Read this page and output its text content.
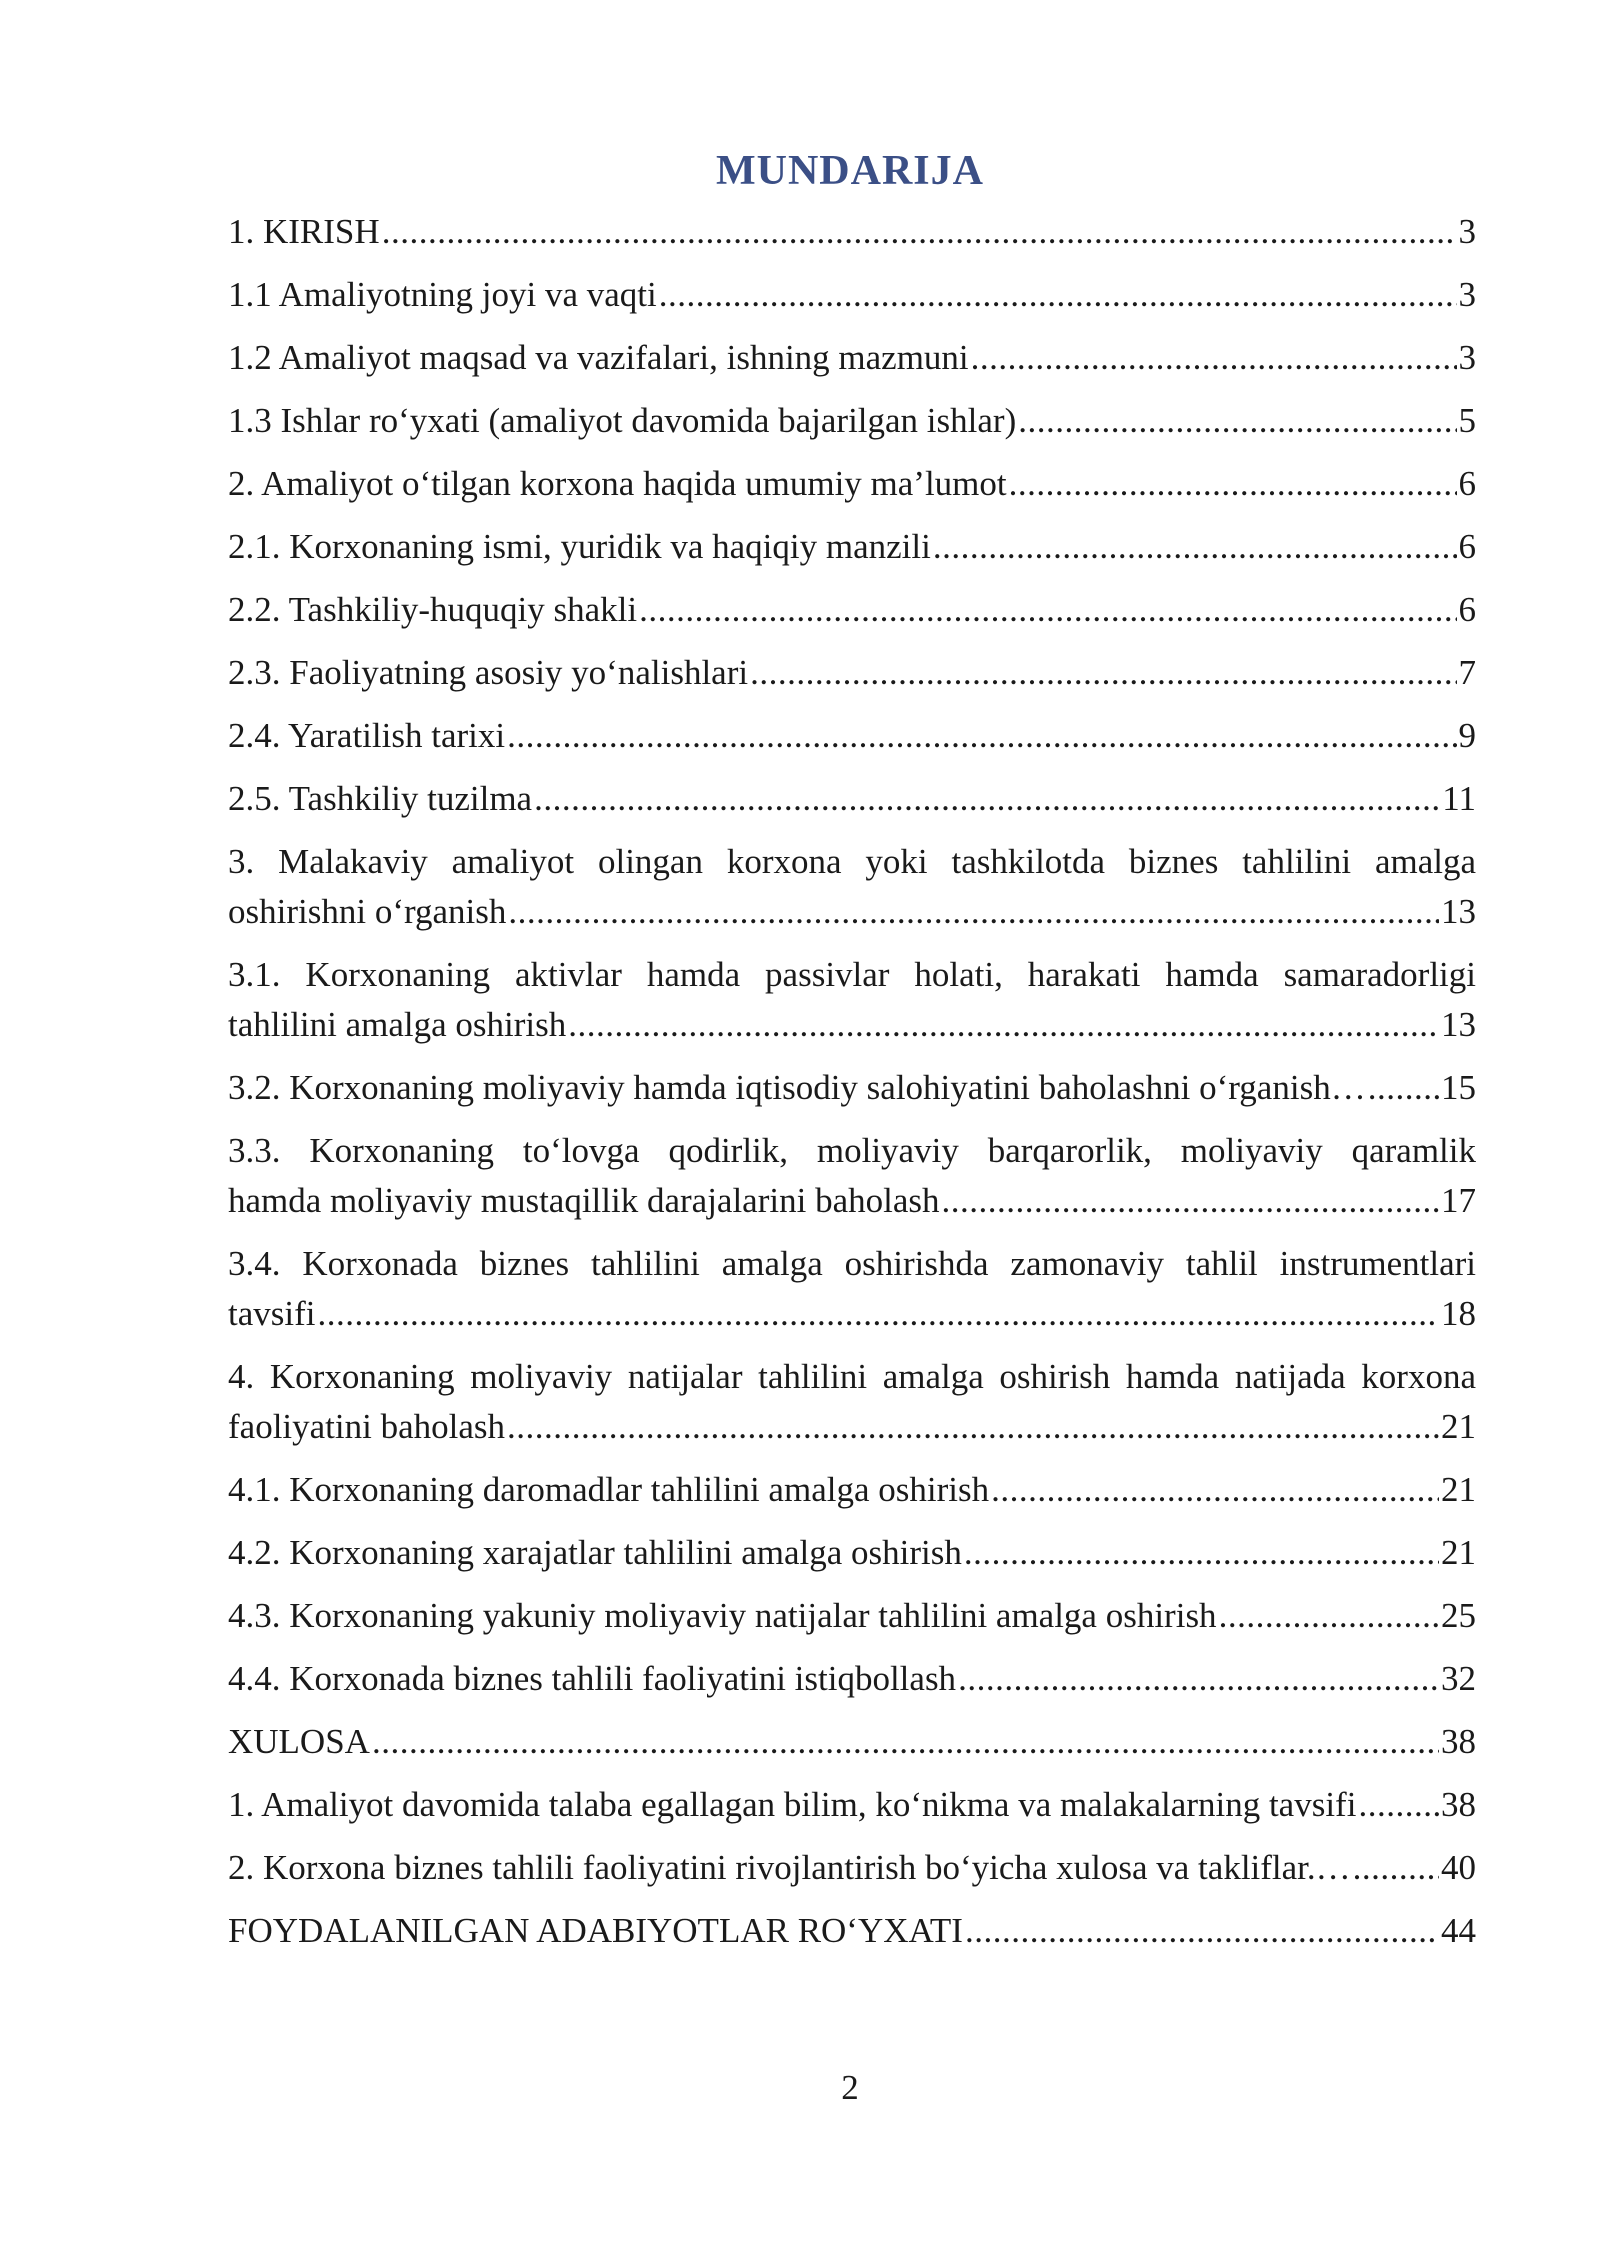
MUNDARIJA
1. KIRISH .....	3
1.1 Amaliyotning joyi va vaqti .....	3
1.2 Amaliyot maqsad va vazifalari, ishning mazmuni .....	3
1.3 Ishlar ro‘yxati (amaliyot davomida bajarilgan ishlar) .....	5
2. Amaliyot o‘tilgan korxona haqida umumiy ma’lumot .....	6
2.1. Korxonaning ismi, yuridik va haqiqiy manzili .....	6
2.2. Tashkiliy-huquqiy shakli .....	6
2.3. Faoliyatning asosiy yo‘nalishlari .....	7
2.4. Yaratilish tarixi .....	9
2.5. Tashkiliy tuzilma .....	11
3. Malakaviy amaliyot olingan korxona yoki tashkilotda biznes tahlilini amalga
oshirishni o‘rganish .....	13
3.1. Korxonaning aktivlar hamda passivlar holati, harakati hamda samaradorligi
tahlilini amalga oshirish .....	13
3.2. Korxonaning moliyaviy hamda iqtisodiy salohiyatini baholashni o‘rganish… ..... 15
3.3. Korxonaning to‘lovga qodirlik, moliyaviy barqarorlik, moliyaviy qaramlik
hamda moliyaviy mustaqillik darajalarini baholash .....	17
3.4. Korxonada biznes tahlilini amalga oshirishda zamonaviy tahlil instrumentlari
tavsifi .....	18
4. Korxonaning moliyaviy natijalar tahlilini amalga oshirish hamda natijada korxona
faoliyatini baholash .....	21
4.1. Korxonaning daromadlar tahlilini amalga oshirish .....	21
4.2. Korxonaning xarajatlar tahlilini amalga oshirish .....	21
4.3. Korxonaning yakuniy moliyaviy natijalar tahlilini amalga oshirish .....	25
4.4. Korxonada biznes tahlili faoliyatini istiqbollash .....	32
XULOSA .....	38
1. Amaliyot davomida talaba egallagan bilim, ko‘nikma va malakalarning tavsifi ..... 38
2. Korxona biznes tahlili faoliyatini rivojlantirish bo‘yicha xulosa va takliflar.… .....	40
FOYDALANILGAN ADABIYOTLAR RO‘YXATI .....	44
2
